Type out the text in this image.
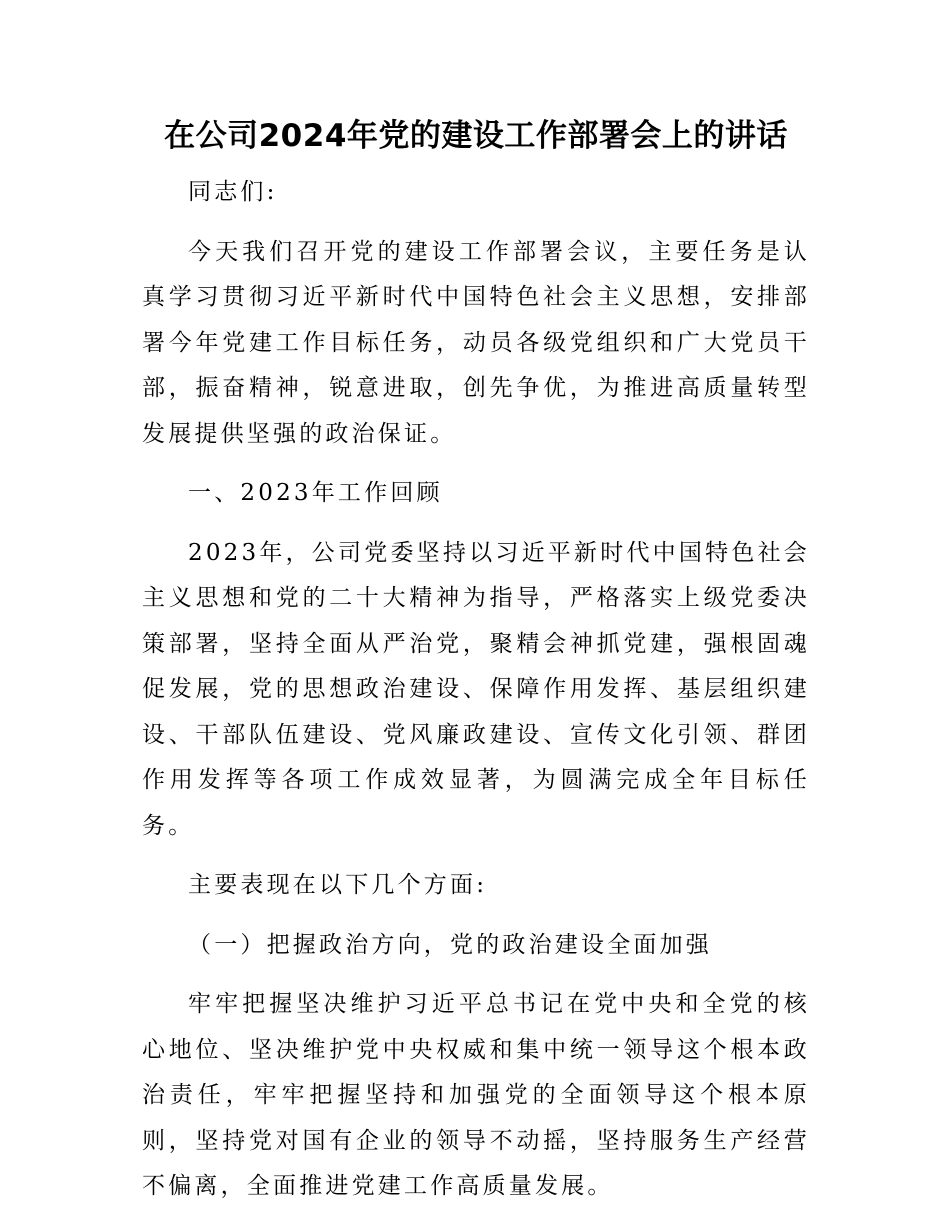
在公司2024年党的建设工作部署会上的讲话

同志们:

今天我们召开党的建设工作部署会议，主要任务是认真学习贯彻习近平新时代中国特色社会主义思想，安排部署今年党建工作目标任务，动员各级党组织和广大党员干部，振奋精神，锐意进取，创先争优，为推进高质量转型发展提供坚强的政治保证。

一、2023年工作回顾

2023年，公司党委坚持以习近平新时代中国特色社会主义思想和党的二十大精神为指导，严格落实上级党委决策部署，坚持全面从严治党，聚精会神抓党建，强根固魂促发展，党的思想政治建设、保障作用发挥、基层组织建设、干部队伍建设、党风廉政建设、宣传文化引领、群团作用发挥等各项工作成效显著，为圆满完成全年目标任务。

主要表现在以下几个方面:

（一）把握政治方向，党的政治建设全面加强

牢牢把握坚决维护习近平总书记在党中央和全党的核心地位、坚决维护党中央权威和集中统一领导这个根本政治责任，牢牢把握坚持和加强党的全面领导这个根本原则，坚持党对国有企业的领导不动摇，坚持服务生产经营不偏离，全面推进党建工作高质量发展。
